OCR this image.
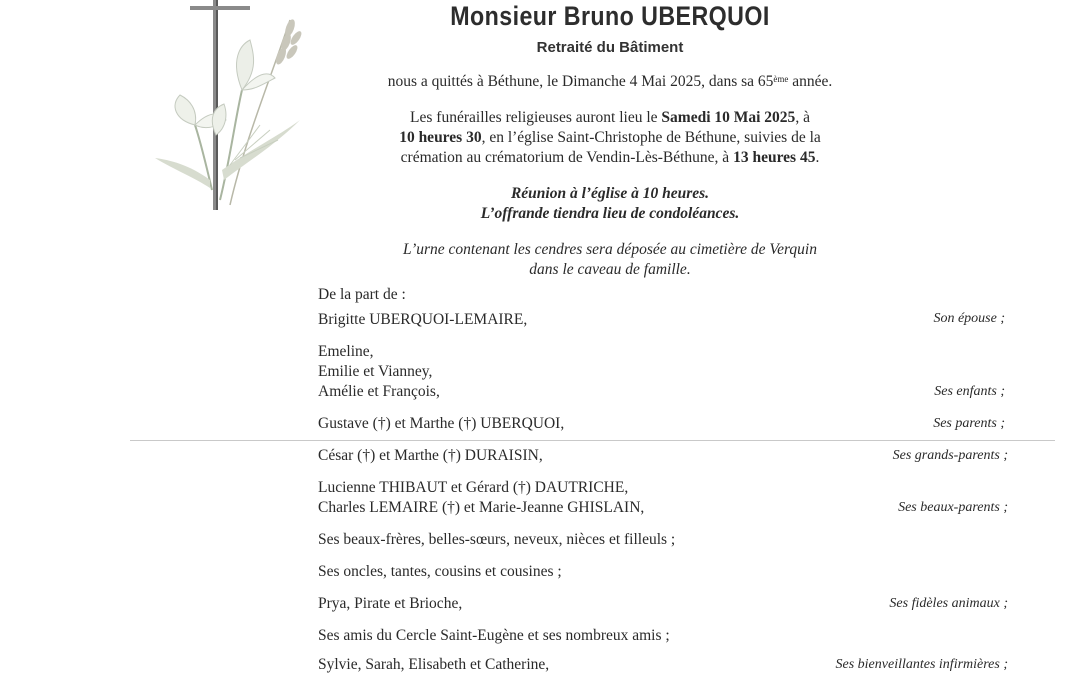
Monsieur Bruno UBERQUOI
Retraité du Bâtiment
nous a quittés à Béthune, le Dimanche 4 Mai 2025, dans sa 65ème année.
Les funérailles religieuses auront lieu le Samedi 10 Mai 2025, à
10 heures 30, en l’église Saint-Christophe de Béthune, suivies de la
crémation au crématorium de Vendin-Lès-Béthune, à 13 heures 45.
Réunion à l’église à 10 heures.
L’offrande tiendra lieu de condoléances.
L’urne contenant les cendres sera déposée au cimetière de Verquin
dans le caveau de famille.
De la part de :
Brigitte UBERQUOI-LEMAIRE,	Son épouse ;
Emeline,
Emilie et Vianney,
Amélie et François,	Ses enfants ;
Gustave (†) et Marthe (†) UBERQUOI,	Ses parents ;
César (†) et Marthe (†) DURAISIN,	Ses grands-parents ;
Lucienne THIBAUT et Gérard (†) DAUTRICHE,
Charles LEMAIRE (†) et Marie-Jeanne GHISLAIN,	Ses beaux-parents ;
Ses beaux-frères, belles-sœurs, neveux, nièces et filleuls ;
Ses oncles, tantes, cousins et cousines ;
Prya, Pirate et Brioche,	Ses fidèles animaux ;
Ses amis du Cercle Saint-Eugène et ses nombreux amis ;
Sylvie, Sarah, Elisabeth et Catherine,	Ses bienveillantes infirmières ;
